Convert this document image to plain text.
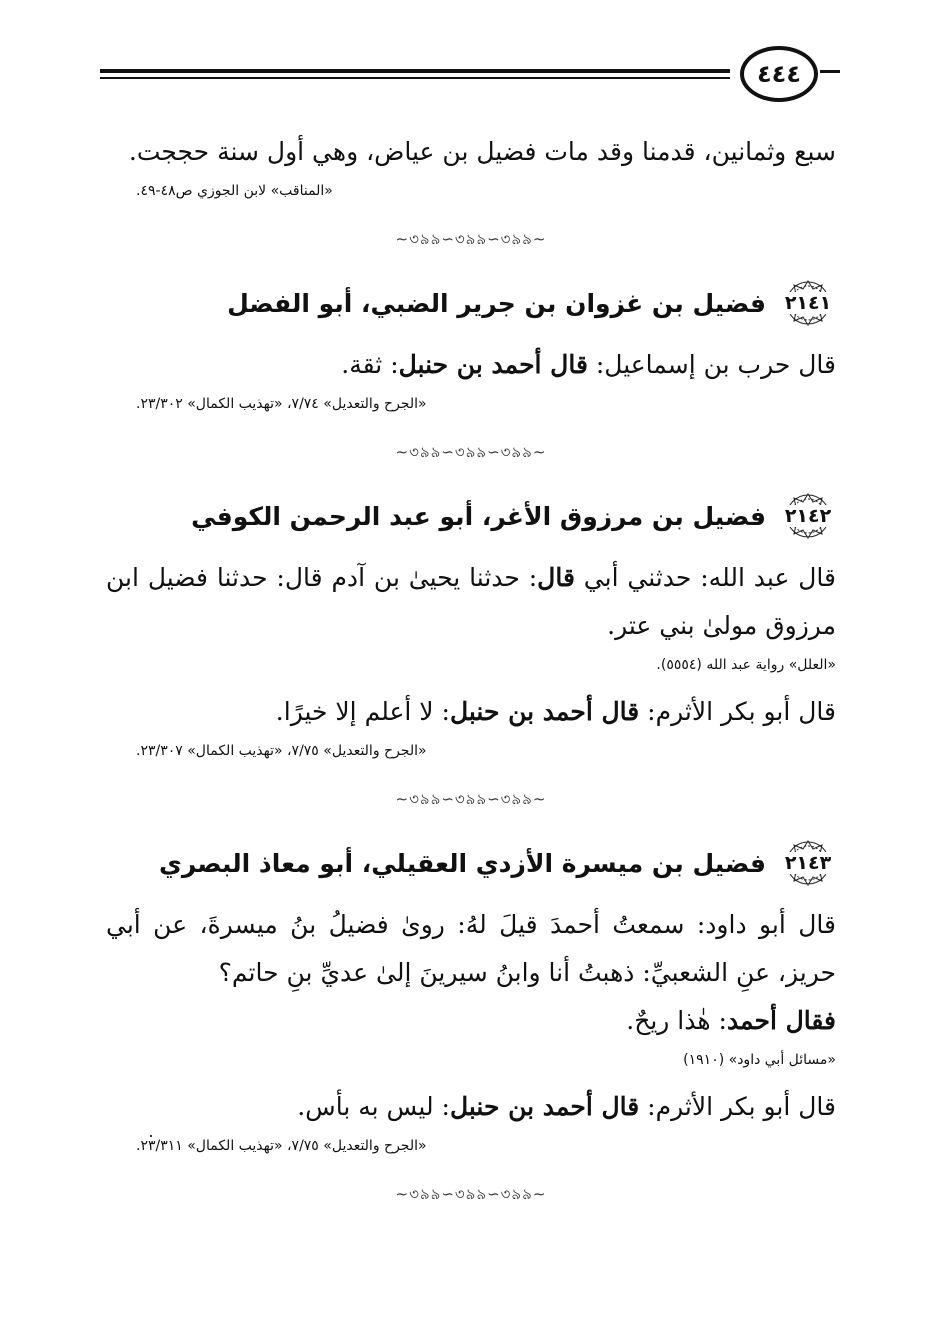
٤٤٤

سبع وثمانين، قدمنا وقد مات فضيل بن عياض، وهي أول سنة حججت.

«المناقب» لابن الجوزي ص٤٨-٤٩.

∽৩৯৯∽৩৯৯∽৩৯৯∽
٢١٤١
فضيل بن غزوان بن جرير الضبي، أبو الفضل

قال حرب بن إسماعيل: قال أحمد بن حنبل: ثقة.

«الجرح والتعديل» ٧/٧٤، «تهذيب الكمال» ٢٣/٣٠٢.

∽৩৯৯∽৩৯৯∽৩৯৯∽
٢١٤٢
فضيل بن مرزوق الأغر، أبو عبد الرحمن الكوفي

قال عبد الله: حدثني أبي قال: حدثنا يحيىٰ بن آدم قال: حدثنا فضيل ابن مرزوق مولىٰ بني عتر.

«العلل» رواية عبد الله (٥٥٥٤).

قال أبو بكر الأثرم: قال أحمد بن حنبل: لا أعلم إلا خيرًا.

«الجرح والتعديل» ٧/٧٥، «تهذيب الكمال» ٢٣/٣٠٧.

∽৩৯৯∽৩৯৯∽৩৯৯∽
٢١٤٣
فضيل بن ميسرة الأزدي العقيلي، أبو معاذ البصري

قال أبو داود: سمعتُ أحمدَ قيلَ لهُ: روىٰ فضيلُ بنُ ميسرةَ، عن أبي حريز، عنِ الشعبيِّ: ذهبتُ أنا وابنُ سيرينَ إلىٰ عديِّ بنِ حاتم؟

فقال أحمد: هٰذا ريحٌ.

«مسائل أبي داود» (١٩١٠)

قال أبو بكر الأثرم: قال أحمد بن حنبل: ليس به بأس.

«الجرح والتعديل» ٧/٧٥، «تهذيب الكمال» ٢٣/٣١١.

∽৩৯৯∽৩৯৯∽৩৯৯∽
